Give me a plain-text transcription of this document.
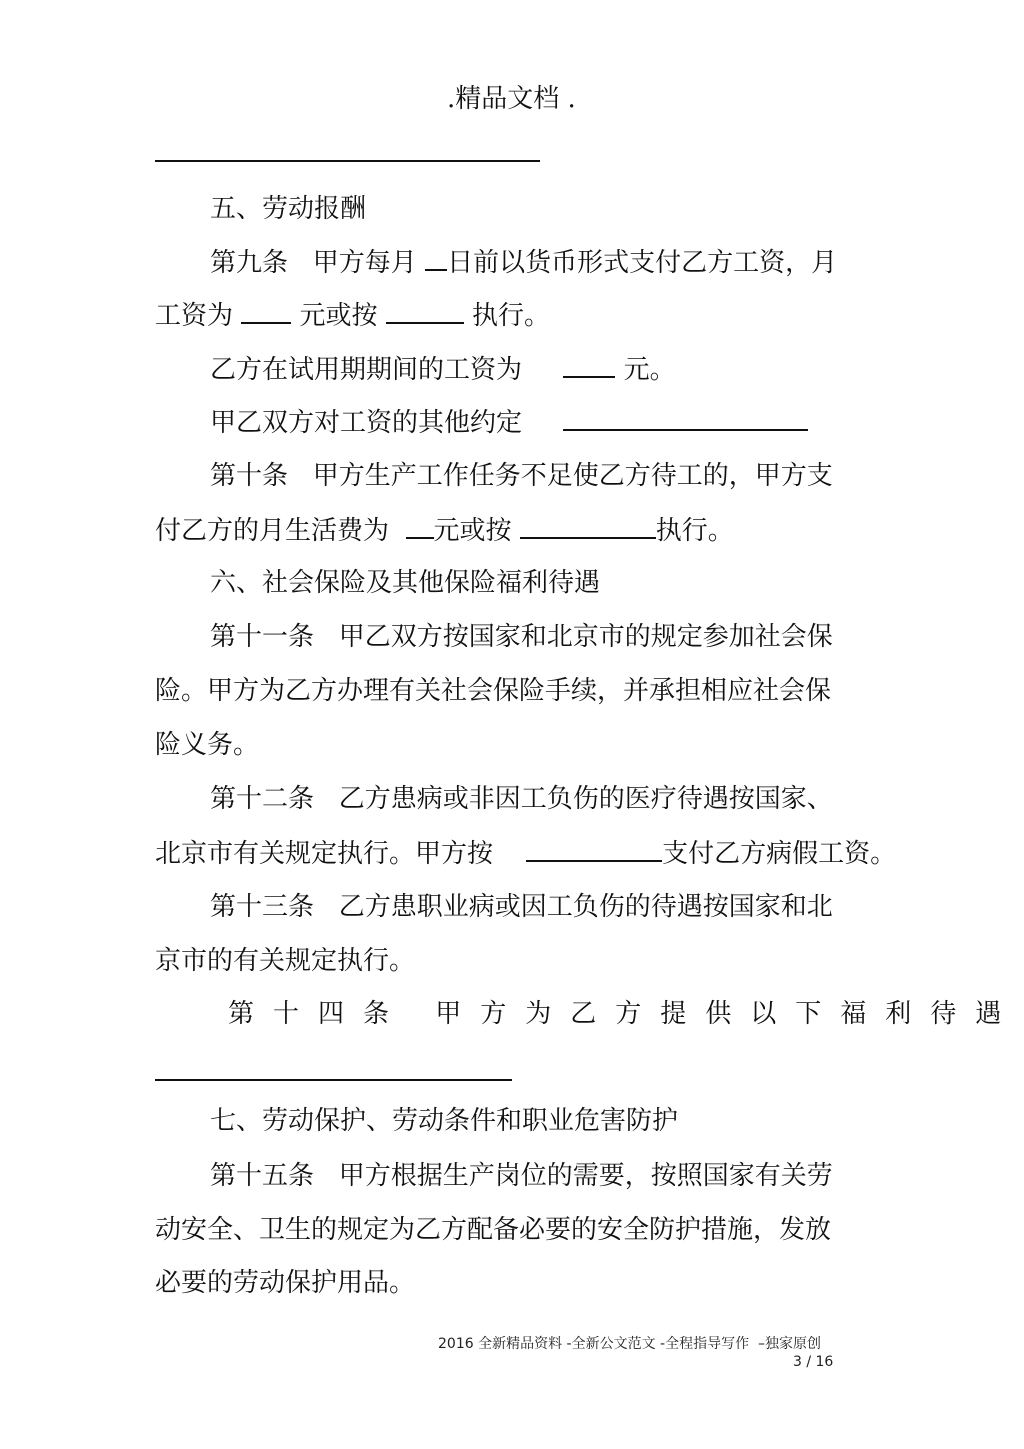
.精品文档 .
五、劳动报酬
第九条   甲方每月 日前以货币形式支付乙方工资，月
工资为  元或按	执行。
乙方在试用期期间的工资为      元。
甲乙双方对工资的其他约定
第十条   甲方生产工作任务不足使乙方待工的，甲方支
付乙方的月生活费为  元或按	执行。
六、社会保险及其他保险福利待遇
第十一条   甲乙双方按国家和北京市的规定参加社会保
险。甲方为乙方办理有关社会保险手续，并承担相应社会保
险义务。
第十二条   乙方患病或非因工负伤的医疗待遇按国家、
北京市有关规定执行。甲方按	支付乙方病假工资。
第十三条   乙方患职业病或因工负伤的待遇按国家和北
京市的有关规定执行。
第十四条 甲方为乙方提供以下福利待遇
七、劳动保护、劳动条件和职业危害防护
第十五条   甲方根据生产岗位的需要，按照国家有关劳
动安全、卫生的规定为乙方配备必要的安全防护措施，发放
必要的劳动保护用品。
2016 全新精品资料 -全新公文范文 -全程指导写作  –独家原创
3 / 16
